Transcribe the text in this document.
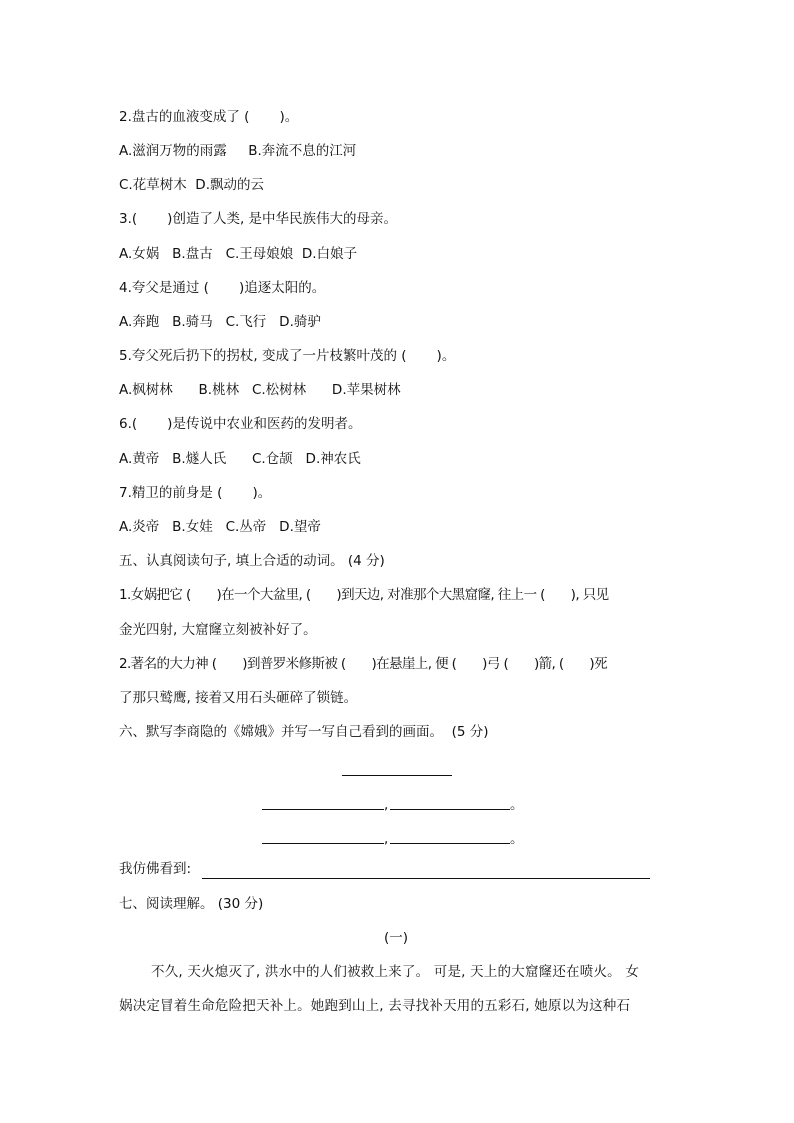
2.盘古的血液变成了 (       )。
A.滋润万物的雨露     B.奔流不息的江河
C.花草树木  D.飘动的云
3.(       )创造了人类, 是中华民族伟大的母亲。
A.女娲   B.盘古   C.王母娘娘  D.白娘子
4.夸父是通过 (       )追逐太阳的。
A.奔跑   B.骑马   C.飞行   D.骑驴
5.夸父死后扔下的拐杖, 变成了一片枝繁叶茂的 (       )。
A.枫树林      B.桃林   C.松树林      D.苹果树林
6.(       )是传说中农业和医药的发明者。
A.黄帝   B.燧人氏      C.仓颉   D.神农氏
7.精卫的前身是 (       )。
A.炎帝   B.女娃   C.丛帝   D.望帝
五、认真阅读句子, 填上合适的动词。 (4 分)
1.女娲把它 (       )在一个大盆里, (       )到天边, 对准那个大黑窟窿, 往上一 (       ), 只见
金光四射, 大窟窿立刻被补好了。
2.著名的大力神 (       )到普罗米修斯被 (       )在悬崖上, 便 (       )弓 (       )箭, (       )死
了那只鹫鹰, 接着又用石头砸碎了锁链。
六、默写李商隐的《嫦娥》并写一写自己看到的画面。  (5 分)
,	。
,	。
我仿佛看到:
七、阅读理解。 (30 分)
(一)
不久, 天火熄灭了, 洪水中的人们被救上来了。 可是, 天上的大窟窿还在喷火。 女
娲决定冒着生命危险把天补上。她跑到山上, 去寻找补天用的五彩石, 她原以为这种石
